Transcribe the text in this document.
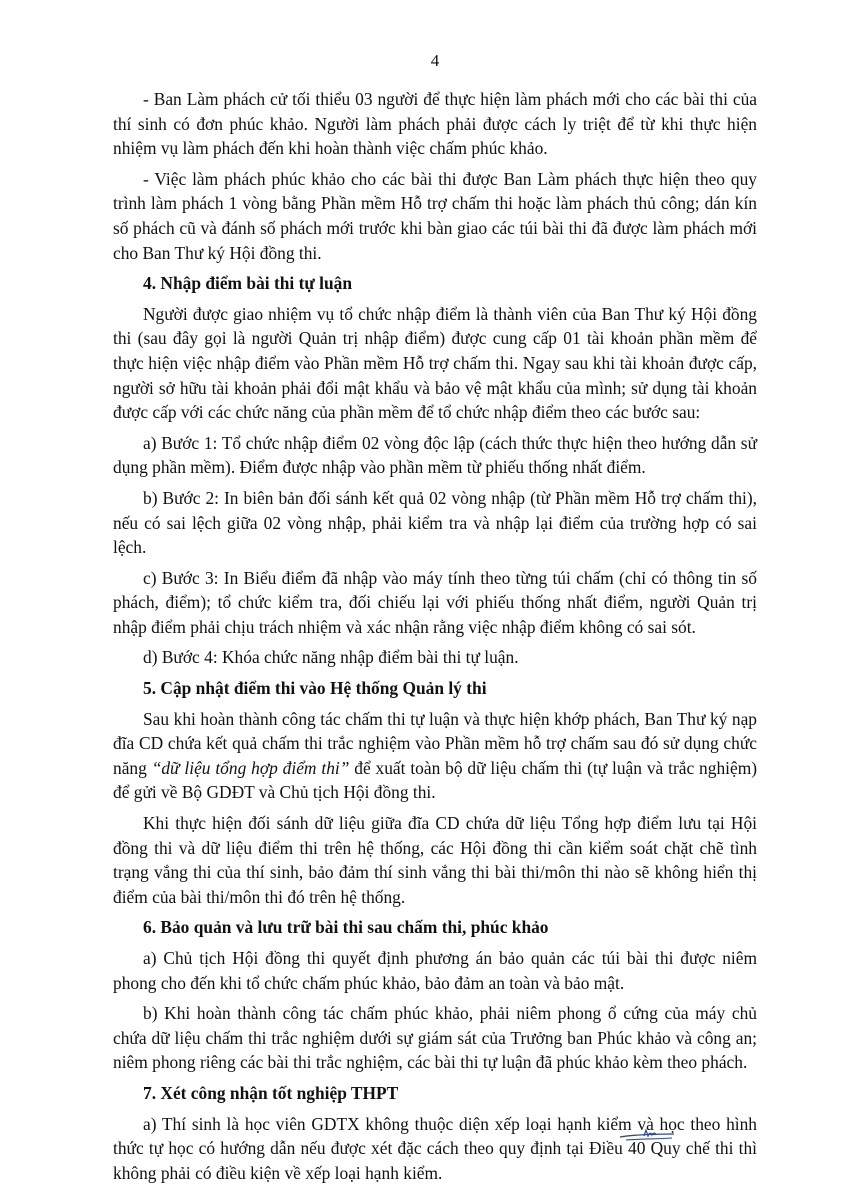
4

- Ban Làm phách cử tối thiểu 03 người để thực hiện làm phách mới cho các bài thi của thí sinh có đơn phúc khảo. Người làm phách phải được cách ly triệt để từ khi thực hiện nhiệm vụ làm phách đến khi hoàn thành việc chấm phúc khảo.

- Việc làm phách phúc khảo cho các bài thi được Ban Làm phách thực hiện theo quy trình làm phách 1 vòng bằng Phần mềm Hỗ trợ chấm thi hoặc làm phách thủ công; dán kín số phách cũ và đánh số phách mới trước khi bàn giao các túi bài thi đã được làm phách mới cho Ban Thư ký Hội đồng thi.

4. Nhập điểm bài thi tự luận

Người được giao nhiệm vụ tổ chức nhập điểm là thành viên của Ban Thư ký Hội đồng thi (sau đây gọi là người Quản trị nhập điểm) được cung cấp 01 tài khoản phần mềm để thực hiện việc nhập điểm vào Phần mềm Hỗ trợ chấm thi. Ngay sau khi tài khoản được cấp, người sở hữu tài khoản phải đổi mật khẩu và bảo vệ mật khẩu của mình; sử dụng tài khoản được cấp với các chức năng của phần mềm để tổ chức nhập điểm theo các bước sau:

a) Bước 1: Tổ chức nhập điểm 02 vòng độc lập (cách thức thực hiện theo hướng dẫn sử dụng phần mềm). Điểm được nhập vào phần mềm từ phiếu thống nhất điểm.

b) Bước 2: In biên bản đối sánh kết quả 02 vòng nhập (từ Phần mềm Hỗ trợ chấm thi), nếu có sai lệch giữa 02 vòng nhập, phải kiểm tra và nhập lại điểm của trường hợp có sai lệch.

c) Bước 3: In Biểu điểm đã nhập vào máy tính theo từng túi chấm (chỉ có thông tin số phách, điểm); tổ chức kiểm tra, đối chiếu lại với phiếu thống nhất điểm, người Quản trị nhập điểm phải chịu trách nhiệm và xác nhận rằng việc nhập điểm không có sai sót.

d) Bước 4: Khóa chức năng nhập điểm bài thi tự luận.

5. Cập nhật điểm thi vào Hệ thống Quản lý thi

Sau khi hoàn thành công tác chấm thi tự luận và thực hiện khớp phách, Ban Thư ký nạp đĩa CD chứa kết quả chấm thi trắc nghiệm vào Phần mềm hỗ trợ chấm sau đó sử dụng chức năng “dữ liệu tổng hợp điểm thi” để xuất toàn bộ dữ liệu chấm thi (tự luận và trắc nghiệm) để gửi về Bộ GDĐT và Chủ tịch Hội đồng thi.

Khi thực hiện đối sánh dữ liệu giữa đĩa CD chứa dữ liệu Tổng hợp điểm lưu tại Hội đồng thi và dữ liệu điểm thi trên hệ thống, các Hội đồng thi cần kiểm soát chặt chẽ tình trạng vắng thi của thí sinh, bảo đảm thí sinh vắng thi bài thi/môn thi nào sẽ không hiển thị điểm của bài thi/môn thi đó trên hệ thống.

6. Bảo quản và lưu trữ bài thi sau chấm thi, phúc khảo

a) Chủ tịch Hội đồng thi quyết định phương án bảo quản các túi bài thi được niêm phong cho đến khi tổ chức chấm phúc khảo, bảo đảm an toàn và bảo mật.

b) Khi hoàn thành công tác chấm phúc khảo, phải niêm phong ổ cứng của máy chủ chứa dữ liệu chấm thi trắc nghiệm dưới sự giám sát của Trưởng ban Phúc khảo và công an; niêm phong riêng các bài thi trắc nghiệm, các bài thi tự luận đã phúc khảo kèm theo phách.

7. Xét công nhận tốt nghiệp THPT

a) Thí sinh là học viên GDTX không thuộc diện xếp loại hạnh kiểm và học theo hình thức tự học có hướng dẫn nếu được xét đặc cách theo quy định tại Điều 40 Quy chế thi thì không phải có điều kiện về xếp loại hạnh kiểm.
